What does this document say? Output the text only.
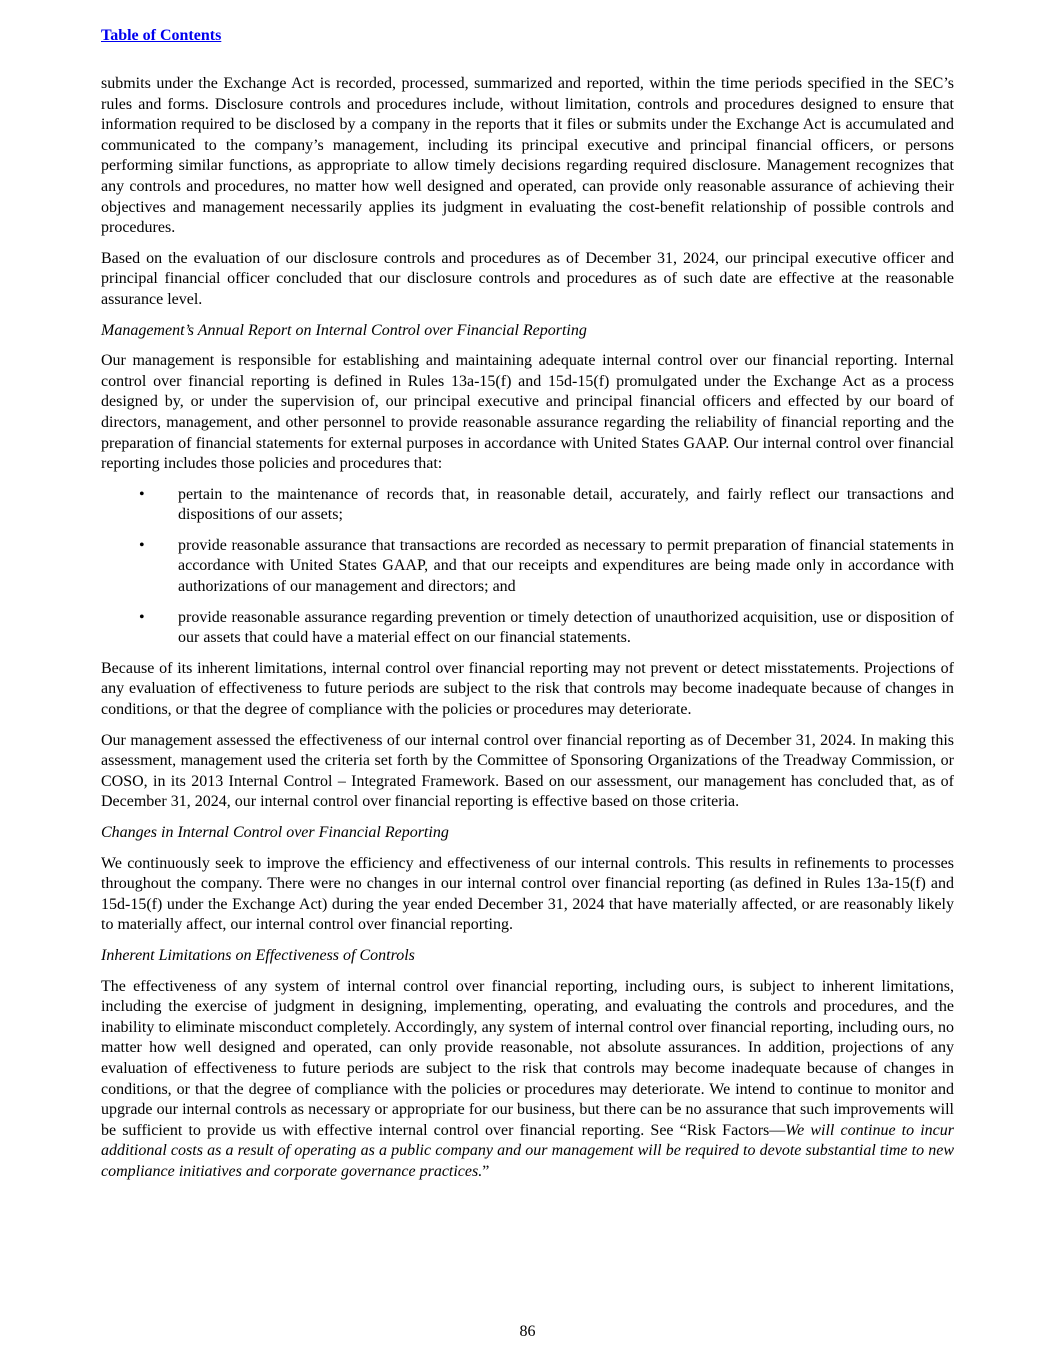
Table of Contents

submits under the Exchange Act is recorded, processed, summarized and reported, within the time periods specified in the SEC’s rules and forms. Disclosure controls and procedures include, without limitation, controls and procedures designed to ensure that information required to be disclosed by a company in the reports that it files or submits under the Exchange Act is accumulated and communicated to the company’s management, including its principal executive and principal financial officers, or persons performing similar functions, as appropriate to allow timely decisions regarding required disclosure. Management recognizes that any controls and procedures, no matter how well designed and operated, can provide only reasonable assurance of achieving their objectives and management necessarily applies its judgment in evaluating the cost-benefit relationship of possible controls and procedures.

Based on the evaluation of our disclosure controls and procedures as of December 31, 2024, our principal executive officer and principal financial officer concluded that our disclosure controls and procedures as of such date are effective at the reasonable assurance level.

Management’s Annual Report on Internal Control over Financial Reporting

Our management is responsible for establishing and maintaining adequate internal control over our financial reporting. Internal control over financial reporting is defined in Rules 13a-15(f) and 15d-15(f) promulgated under the Exchange Act as a process designed by, or under the supervision of, our principal executive and principal financial officers and effected by our board of directors, management, and other personnel to provide reasonable assurance regarding the reliability of financial reporting and the preparation of financial statements for external purposes in accordance with United States GAAP. Our internal control over financial reporting includes those policies and procedures that:

• pertain to the maintenance of records that, in reasonable detail, accurately, and fairly reflect our transactions and dispositions of our assets;
• provide reasonable assurance that transactions are recorded as necessary to permit preparation of financial statements in accordance with United States GAAP, and that our receipts and expenditures are being made only in accordance with authorizations of our management and directors; and
• provide reasonable assurance regarding prevention or timely detection of unauthorized acquisition, use or disposition of our assets that could have a material effect on our financial statements.

Because of its inherent limitations, internal control over financial reporting may not prevent or detect misstatements. Projections of any evaluation of effectiveness to future periods are subject to the risk that controls may become inadequate because of changes in conditions, or that the degree of compliance with the policies or procedures may deteriorate.

Our management assessed the effectiveness of our internal control over financial reporting as of December 31, 2024. In making this assessment, management used the criteria set forth by the Committee of Sponsoring Organizations of the Treadway Commission, or COSO, in its 2013 Internal Control – Integrated Framework. Based on our assessment, our management has concluded that, as of December 31, 2024, our internal control over financial reporting is effective based on those criteria.

Changes in Internal Control over Financial Reporting

We continuously seek to improve the efficiency and effectiveness of our internal controls. This results in refinements to processes throughout the company. There were no changes in our internal control over financial reporting (as defined in Rules 13a-15(f) and 15d-15(f) under the Exchange Act) during the year ended December 31, 2024 that have materially affected, or are reasonably likely to materially affect, our internal control over financial reporting.

Inherent Limitations on Effectiveness of Controls

The effectiveness of any system of internal control over financial reporting, including ours, is subject to inherent limitations, including the exercise of judgment in designing, implementing, operating, and evaluating the controls and procedures, and the inability to eliminate misconduct completely. Accordingly, any system of internal control over financial reporting, including ours, no matter how well designed and operated, can only provide reasonable, not absolute assurances. In addition, projections of any evaluation of effectiveness to future periods are subject to the risk that controls may become inadequate because of changes in conditions, or that the degree of compliance with the policies or procedures may deteriorate. We intend to continue to monitor and upgrade our internal controls as necessary or appropriate for our business, but there can be no assurance that such improvements will be sufficient to provide us with effective internal control over financial reporting. See “Risk Factors—We will continue to incur additional costs as a result of operating as a public company and our management will be required to devote substantial time to new compliance initiatives and corporate governance practices.”

86
